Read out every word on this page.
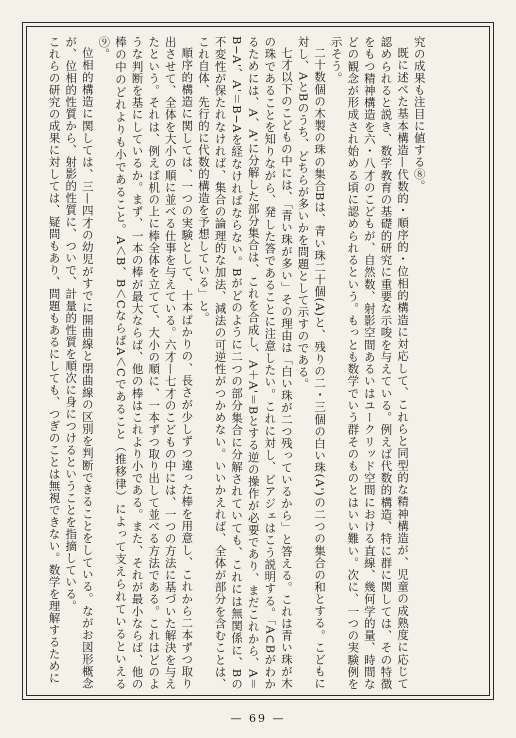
究の成果も注目に値する⑧。

既に述べた基本構造—代数的・順序的・位相的構造に対応して、これらと同型的な精神構造が、児童の成熟度に応じて認められると説き、数学教育の基礎的研究に重要な示唆を与えている。例えば代数的構造、特に群に関しては、その特徴をもつ精神構造を六・八才のこどもが、自然数、射影空間あるいはユークリッド空間における直線、幾何学的量、時間などの観念が形成され始める頃に認められるという。もっとも数学でいう群そのものとはいい難い。次に、一つの実験例を示そう。

二十数個の木製の珠の集合Bは、青い珠二十個(A)と、残りの二・三個の白い珠(A')の二つの集合の和とする。こどもに対し、AとBのうち、どちらが多いかを問題として示すのである。

七才以下のこどもの中には、「青い珠が多い」その理由は「白い珠が二つ残っているから」と答える。これは青い珠が木の珠であることを知りながら、発した答であることに注意したい。これに対し、ピアジェはこう説明する。「A⊂Bがわかるためには、A、A'に分解した部分集合は、これを合成し、A＋A'＝Bとする逆の操作が必要であり、まだこれから、A＝B−A'、A'＝B−Aを経なければならない。Bがどのように二つの部分集合に分解されていても、これには無関係に、Bの不変性が保たれなければ、集合の論理的な加法、減法の可逆性がつかめない。いいかえれば、全体が部分を含むことは、これ自体、先行的に代数的構造を予想している」と。

順序的構造に関しては、一つの実験として、十本ばかりの、長さが少しずつ違った棒を用意し、これから二本ずつ取り出させて、全体を大小の順に並べる仕事を与えている。六才—七才のこどもの中には、一つの方法に基づいた解決を与えたという。それは、例えば机の上に棒全体を立てて、大小の順に、一本ずつ取り出して並べる方法である。これはどのような判断を基にしているか。まず、一本の棒が最大ならば、他の棒はこれより小である。また、それが最小ならば、他の棒の中のどれよりも小であること。A＜B、B＜CならばA＜Cであること（推移律）によって支えられているといえる⑨。

位相的構造に関しては、三—四才の幼児がすでに開曲線と閉曲線の区別を判断できることをしている。ながお図形概念が、位相的性質から、射影的性質に、ついで、計量的性質を順次に身につけるということを指摘している。

これらの研究の成果に対しては、疑問もあり、問題もあるにしても、つぎのことは無視できない。数学を理解するために

— 69 —
